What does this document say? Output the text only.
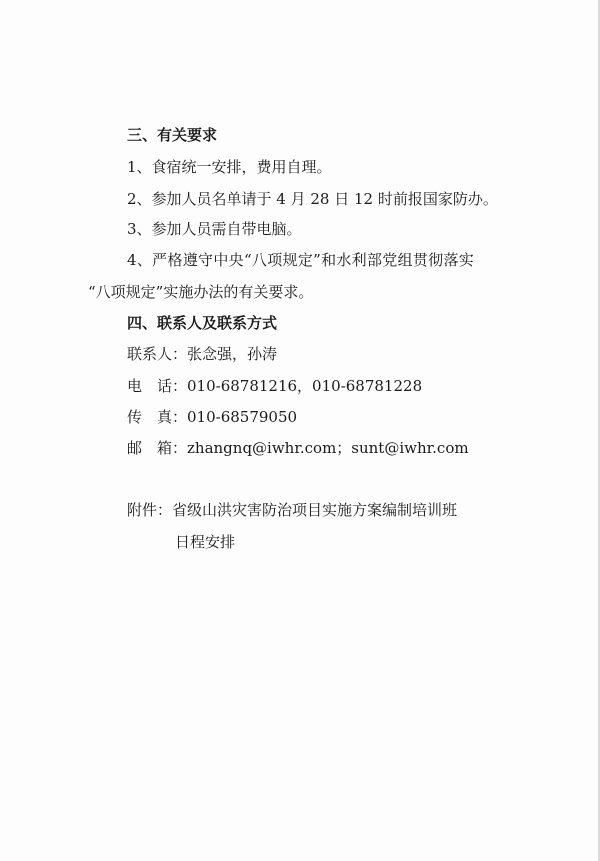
三、有关要求
1、食宿统一安排，费用自理。
2、参加人员名单请于 4 月 28 日 12 时前报国家防办。
3、参加人员需自带电脑。
4、严格遵守中央“八项规定”和水利部党组贯彻落实
“八项规定”实施办法的有关要求。
四、联系人及联系方式
联系人： 张念强，孙涛
电　话： 010-68781216，010-68781228
传　真： 010-68579050
邮　箱： zhangnq@iwhr.com；sunt@iwhr.com
附件：省级山洪灾害防治项目实施方案编制培训班
日程安排
